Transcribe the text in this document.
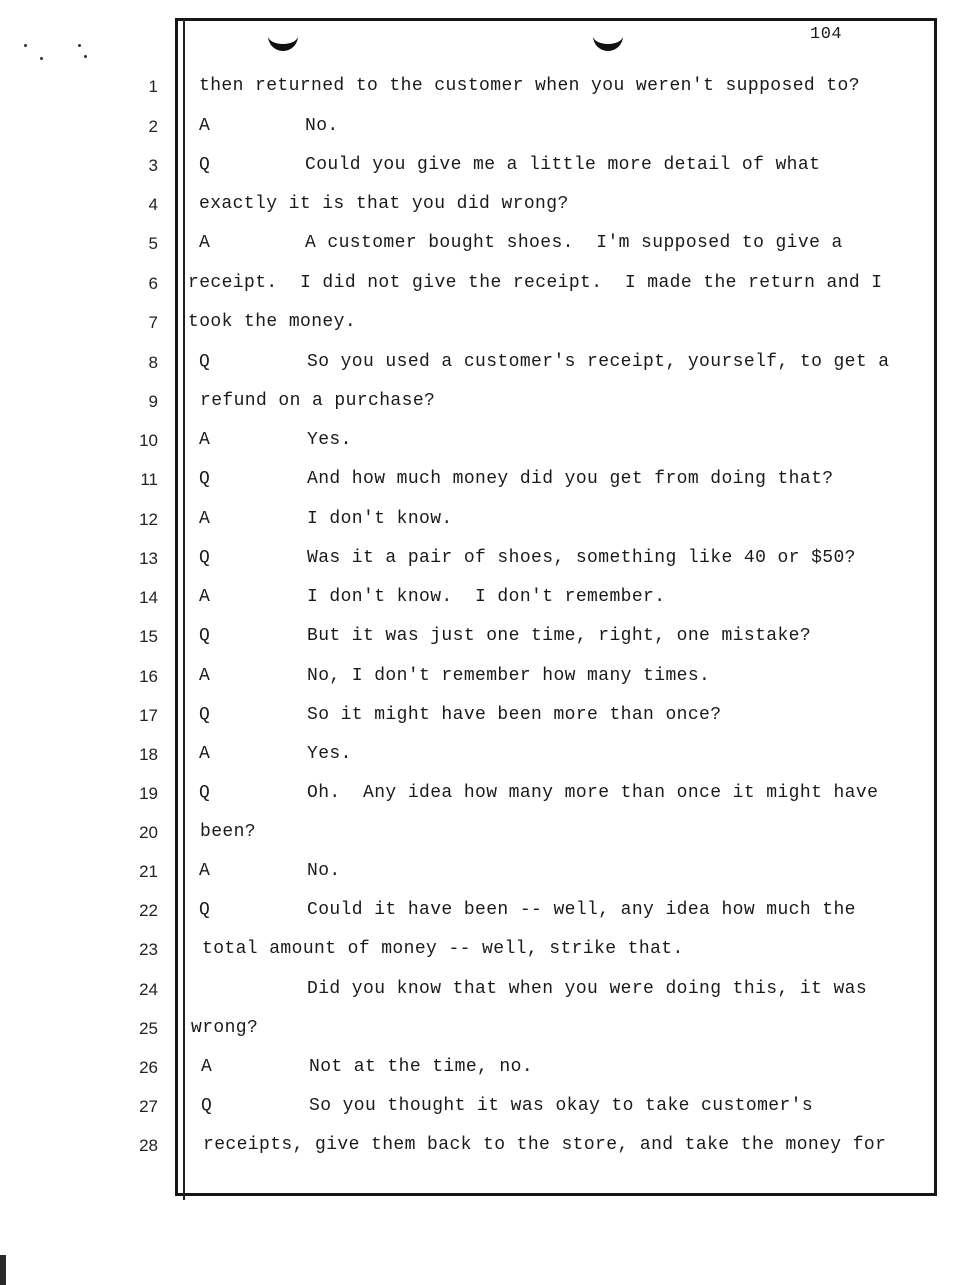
104
1 then returned to the customer when you weren't supposed to?
2 A	No.
3 Q	Could you give me a little more detail of what
4 exactly it is that you did wrong?
5 A	A customer bought shoes.  I'm supposed to give a
6 receipt.  I did not give the receipt.  I made the return and I
7 took the money.
8 Q	So you used a customer's receipt, yourself, to get a
9 refund on a purchase?
10 A	Yes.
11 Q	And how much money did you get from doing that?
12 A	I don't know.
13 Q	Was it a pair of shoes, something like 40 or $50?
14 A	I don't know.  I don't remember.
15 Q	But it was just one time, right, one mistake?
16 A	No, I don't remember how many times.
17 Q	So it might have been more than once?
18 A	Yes.
19 Q	Oh.  Any idea how many more than once it might have
20 been?
21 A	No.
22 Q	Could it have been -- well, any idea how much the
23 total amount of money -- well, strike that.
24	Did you know that when you were doing this, it was
25 wrong?
26 A	Not at the time, no.
27 Q	So you thought it was okay to take customer's
28	receipts, give them back to the store, and take the money for
